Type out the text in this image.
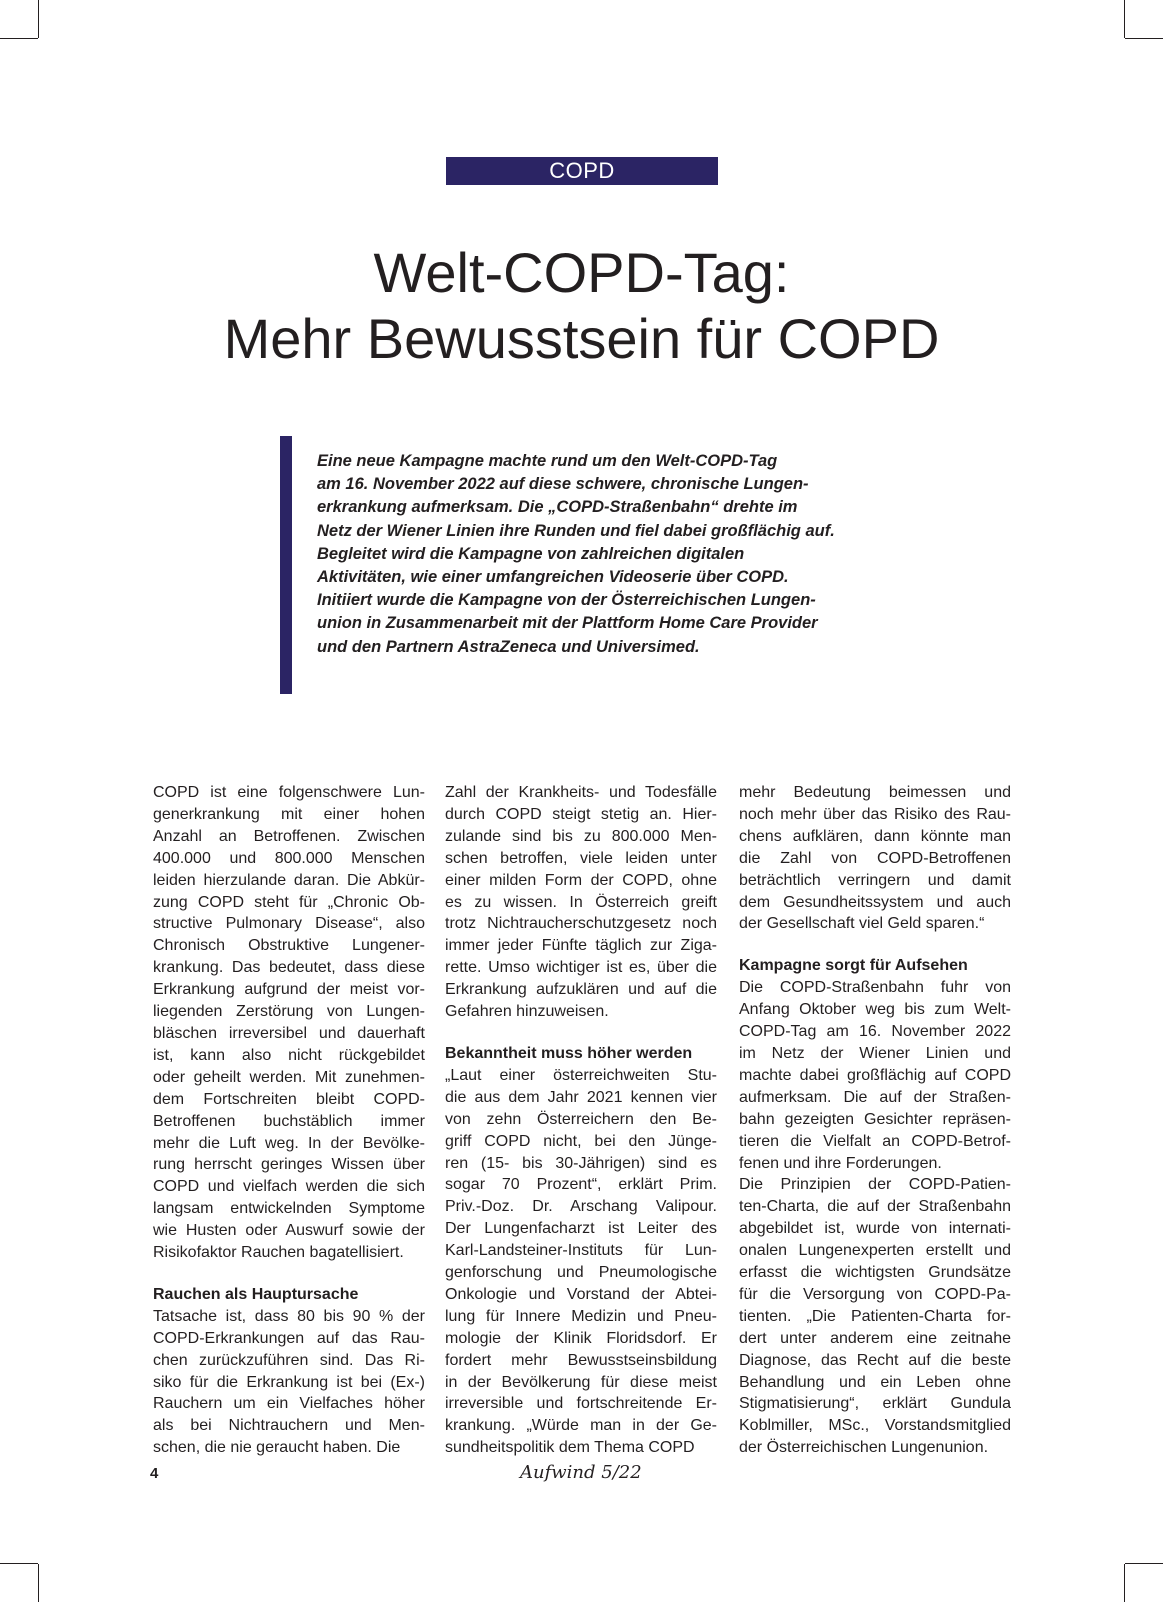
COPD
Welt-COPD-Tag:
Mehr Bewusstsein für COPD
Eine neue Kampagne machte rund um den Welt-COPD-Tag
am 16. November 2022 auf diese schwere, chronische Lungen-
erkrankung aufmerksam. Die „COPD-Straßenbahn“ drehte im
Netz der Wiener Linien ihre Runden und fiel dabei großflächig auf.
Begleitet wird die Kampagne von zahlreichen digitalen
Aktivitäten, wie einer umfangreichen Videoserie über COPD.
Initiiert wurde die Kampagne von der Österreichischen Lungen-
union in Zusammenarbeit mit der Plattform Home Care Provider
und den Partnern AstraZeneca und Universimed.
COPD ist eine folgenschwere Lun-
generkrankung mit einer hohen
Anzahl an Betroffenen. Zwischen
400.000 und 800.000 Menschen
leiden hierzulande daran. Die Abkür-
zung COPD steht für „Chronic Ob-
structive Pulmonary Disease“, also
Chronisch Obstruktive Lungener-
krankung. Das bedeutet, dass diese
Erkrankung aufgrund der meist vor-
liegenden Zerstörung von Lungen-
bläschen irreversibel und dauerhaft
ist, kann also nicht rückgebildet
oder geheilt werden. Mit zunehmen-
dem Fortschreiten bleibt COPD-
Betroffenen buchstäblich immer
mehr die Luft weg. In der Bevölke-
rung herrscht geringes Wissen über
COPD und vielfach werden die sich
langsam entwickelnden Symptome
wie Husten oder Auswurf sowie der
Risikofaktor Rauchen bagatellisiert.
Rauchen als Hauptursache
Tatsache ist, dass 80 bis 90 % der
COPD-Erkrankungen auf das Rau-
chen zurückzuführen sind. Das Ri-
siko für die Erkrankung ist bei (Ex-)
Rauchern um ein Vielfaches höher
als bei Nichtrauchern und Men-
schen, die nie geraucht haben. Die
Zahl der Krankheits- und Todesfälle
durch COPD steigt stetig an. Hier-
zulande sind bis zu 800.000 Men-
schen betroffen, viele leiden unter
einer milden Form der COPD, ohne
es zu wissen. In Österreich greift
trotz Nichtraucherschutzgesetz noch
immer jeder Fünfte täglich zur Ziga-
rette. Umso wichtiger ist es, über die
Erkrankung aufzuklären und auf die
Gefahren hinzuweisen.
Bekanntheit muss höher werden
„Laut einer österreichweiten Stu-
die aus dem Jahr 2021 kennen vier
von zehn Österreichern den Be-
griff COPD nicht, bei den Jünge-
ren (15- bis 30-Jährigen) sind es
sogar 70 Prozent“, erklärt Prim.
Priv.-Doz. Dr. Arschang Valipour.
Der Lungenfacharzt ist Leiter des
Karl-Landsteiner-Instituts für Lun-
genforschung und Pneumologische
Onkologie und Vorstand der Abtei-
lung für Innere Medizin und Pneu-
mologie der Klinik Floridsdorf. Er
fordert mehr Bewusstseinsbildung
in der Bevölkerung für diese meist
irreversible und fortschreitende Er-
krankung. „Würde man in der Ge-
sundheitspolitik dem Thema COPD
mehr Bedeutung beimessen und
noch mehr über das Risiko des Rau-
chens aufklären, dann könnte man
die Zahl von COPD-Betroffenen
beträchtlich verringern und damit
dem Gesundheitssystem und auch
der Gesellschaft viel Geld sparen.“
Kampagne sorgt für Aufsehen
Die COPD-Straßenbahn fuhr von
Anfang Oktober weg bis zum Welt-
COPD-Tag am 16. November 2022
im Netz der Wiener Linien und
machte dabei großflächig auf COPD
aufmerksam. Die auf der Straßen-
bahn gezeigten Gesichter repräsen-
tieren die Vielfalt an COPD-Betrof-
fenen und ihre Forderungen.
Die Prinzipien der COPD-Patien-
ten-Charta, die auf der Straßenbahn
abgebildet ist, wurde von internati-
onalen Lungenexperten erstellt und
erfasst die wichtigsten Grundsätze
für die Versorgung von COPD-Pa-
tienten. „Die Patienten-Charta for-
dert unter anderem eine zeitnahe
Diagnose, das Recht auf die beste
Behandlung und ein Leben ohne
Stigmatisierung“, erklärt Gundula
Koblmiller, MSc., Vorstandsmitglied
der Österreichischen Lungenunion.
4	Aufwind 5/22
